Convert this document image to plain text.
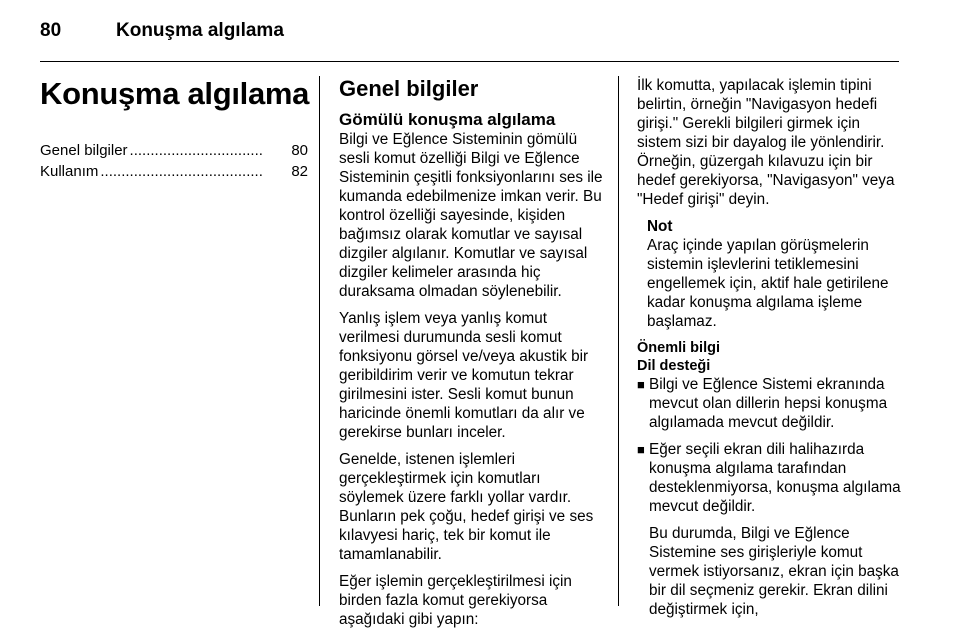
80	Konuşma algılama
Konuşma algılama
Genel bilgiler ................................	80
Kullanım .......................................	82
Genel bilgiler
Gömülü konuşma algılama

Bilgi ve Eğlence Sisteminin gömülü sesli komut özelliği Bilgi ve Eğlence Sisteminin çeşitli fonksiyonlarını ses ile kumanda edebilmenize imkan verir. Bu kontrol özelliği sayesinde, kişiden bağımsız olarak komutlar ve sayısal dizgiler algılanır. Komutlar ve sayısal dizgiler kelimeler arasında hiç duraksama olmadan söylenebilir.

Yanlış işlem veya yanlış komut verilmesi durumunda sesli komut fonksiyonu görsel ve/veya akustik bir geribildirim verir ve komutun tekrar girilmesini ister. Sesli komut bunun haricinde önemli komutları da alır ve gerekirse bunları inceler.

Genelde, istenen işlemleri gerçekleştirmek için komutları söylemek üzere farklı yollar vardır. Bunların pek çoğu, hedef girişi ve ses kılavyesi hariç, tek bir komut ile tamamlanabilir.

Eğer işlemin gerçekleştirilmesi için birden fazla komut gerekiyorsa aşağıdaki gibi yapın:

İlk komutta, yapılacak işlemin tipini belirtin, örneğin "Navigasyon hedefi girişi." Gerekli bilgileri girmek için sistem sizi bir dayalog ile yönlendirir. Örneğin, güzergah kılavuzu için bir hedef gerekiyorsa, "Navigasyon" veya "Hedef girişi" deyin.

Not
Araç içinde yapılan görüşmelerin sistemin işlevlerini tetiklemesini engellemek için, aktif hale getirilene kadar konuşma algılama işleme başlamaz.
Önemli bilgi
Dil desteği
■ Bilgi ve Eğlence Sistemi ekranında mevcut olan dillerin hepsi konuşma algılamada mevcut değildir.
■ Eğer seçili ekran dili halihazırda konuşma algılama tarafından desteklenmiyorsa, konuşma algılama mevcut değildir.
Bu durumda, Bilgi ve Eğlence Sistemine ses girişleriyle komut vermek istiyorsanız, ekran için başka bir dil seçmeniz gerekir. Ekran dilini değiştirmek için,
